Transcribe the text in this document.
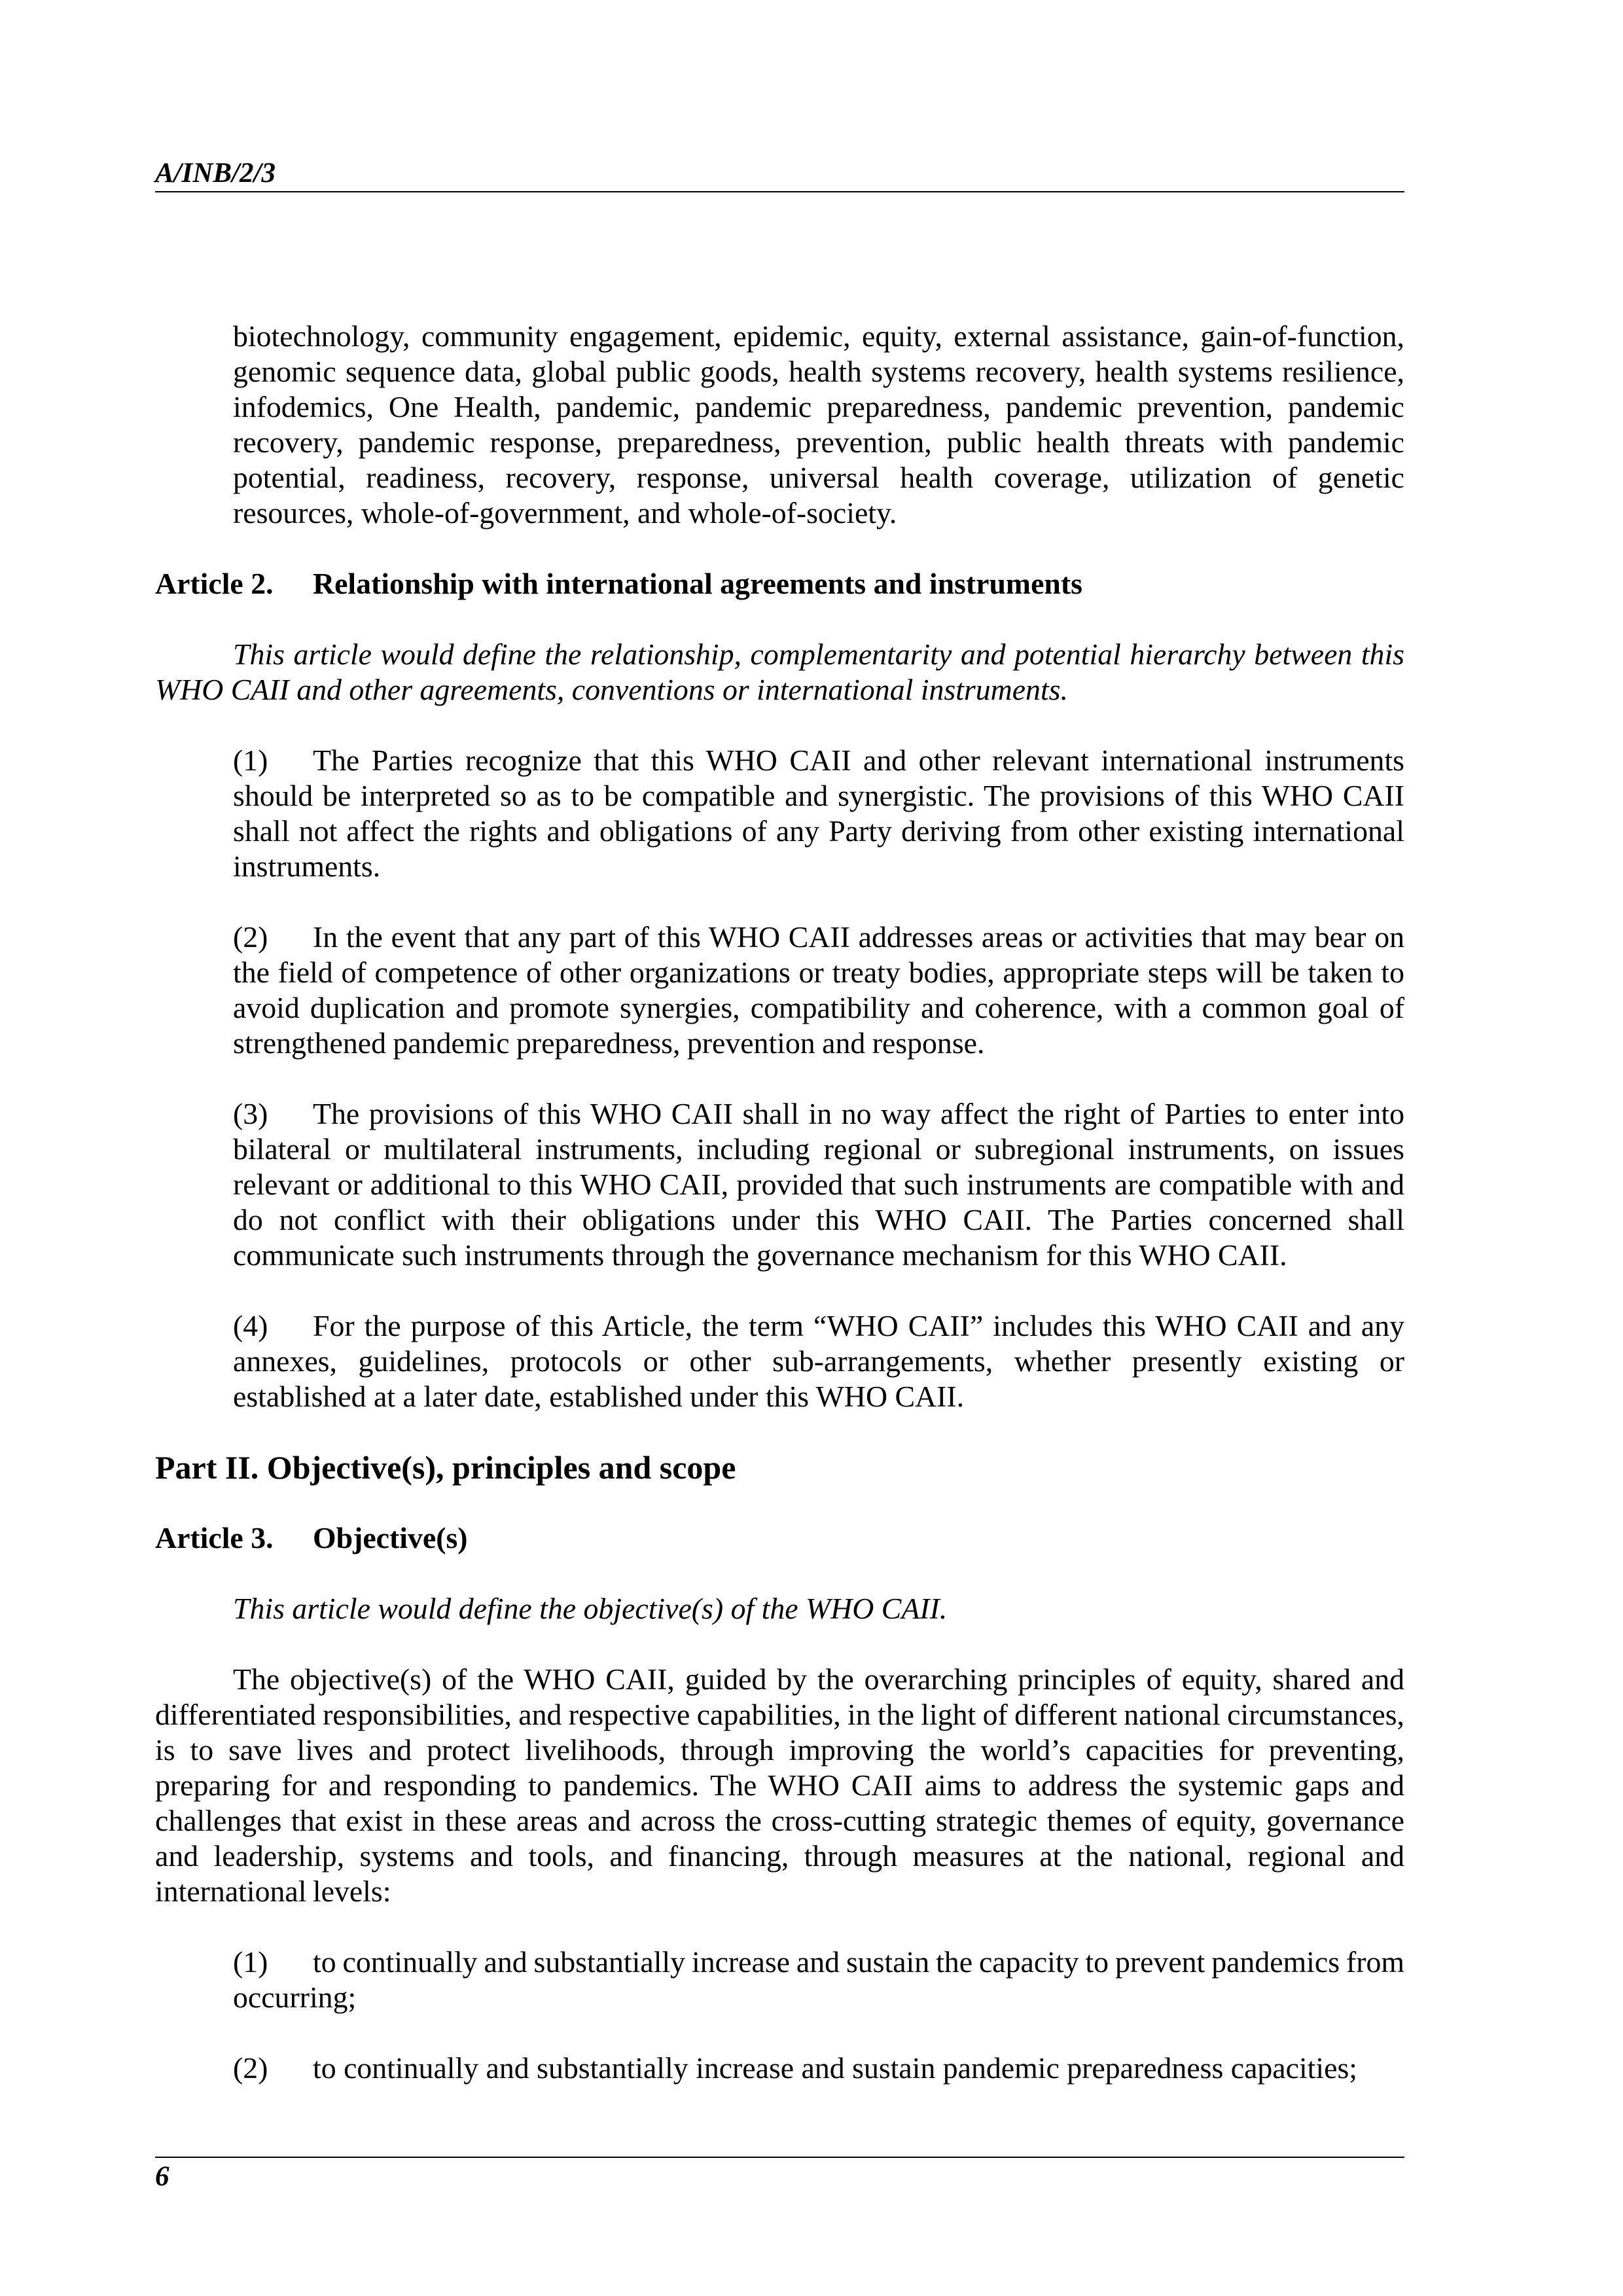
A/INB/2/3

biotechnology, community engagement, epidemic, equity, external assistance, gain-of-function, genomic sequence data, global public goods, health systems recovery, health systems resilience, infodemics, One Health, pandemic, pandemic preparedness, pandemic prevention, pandemic recovery, pandemic response, preparedness, prevention, public health threats with pandemic potential, readiness, recovery, response, universal health coverage, utilization of genetic resources, whole-of-government, and whole-of-society.

Article 2. Relationship with international agreements and instruments

This article would define the relationship, complementarity and potential hierarchy between this WHO CAII and other agreements, conventions or international instruments.

(1) The Parties recognize that this WHO CAII and other relevant international instruments should be interpreted so as to be compatible and synergistic. The provisions of this WHO CAII shall not affect the rights and obligations of any Party deriving from other existing international instruments.

(2) In the event that any part of this WHO CAII addresses areas or activities that may bear on the field of competence of other organizations or treaty bodies, appropriate steps will be taken to avoid duplication and promote synergies, compatibility and coherence, with a common goal of strengthened pandemic preparedness, prevention and response.

(3) The provisions of this WHO CAII shall in no way affect the right of Parties to enter into bilateral or multilateral instruments, including regional or subregional instruments, on issues relevant or additional to this WHO CAII, provided that such instruments are compatible with and do not conflict with their obligations under this WHO CAII. The Parties concerned shall communicate such instruments through the governance mechanism for this WHO CAII.

(4) For the purpose of this Article, the term “WHO CAII” includes this WHO CAII and any annexes, guidelines, protocols or other sub-arrangements, whether presently existing or established at a later date, established under this WHO CAII.

Part II. Objective(s), principles and scope

Article 3. Objective(s)

This article would define the objective(s) of the WHO CAII.

The objective(s) of the WHO CAII, guided by the overarching principles of equity, shared and differentiated responsibilities, and respective capabilities, in the light of different national circumstances, is to save lives and protect livelihoods, through improving the world’s capacities for preventing, preparing for and responding to pandemics. The WHO CAII aims to address the systemic gaps and challenges that exist in these areas and across the cross-cutting strategic themes of equity, governance and leadership, systems and tools, and financing, through measures at the national, regional and international levels:

(1) to continually and substantially increase and sustain the capacity to prevent pandemics from occurring;

(2) to continually and substantially increase and sustain pandemic preparedness capacities;

6
